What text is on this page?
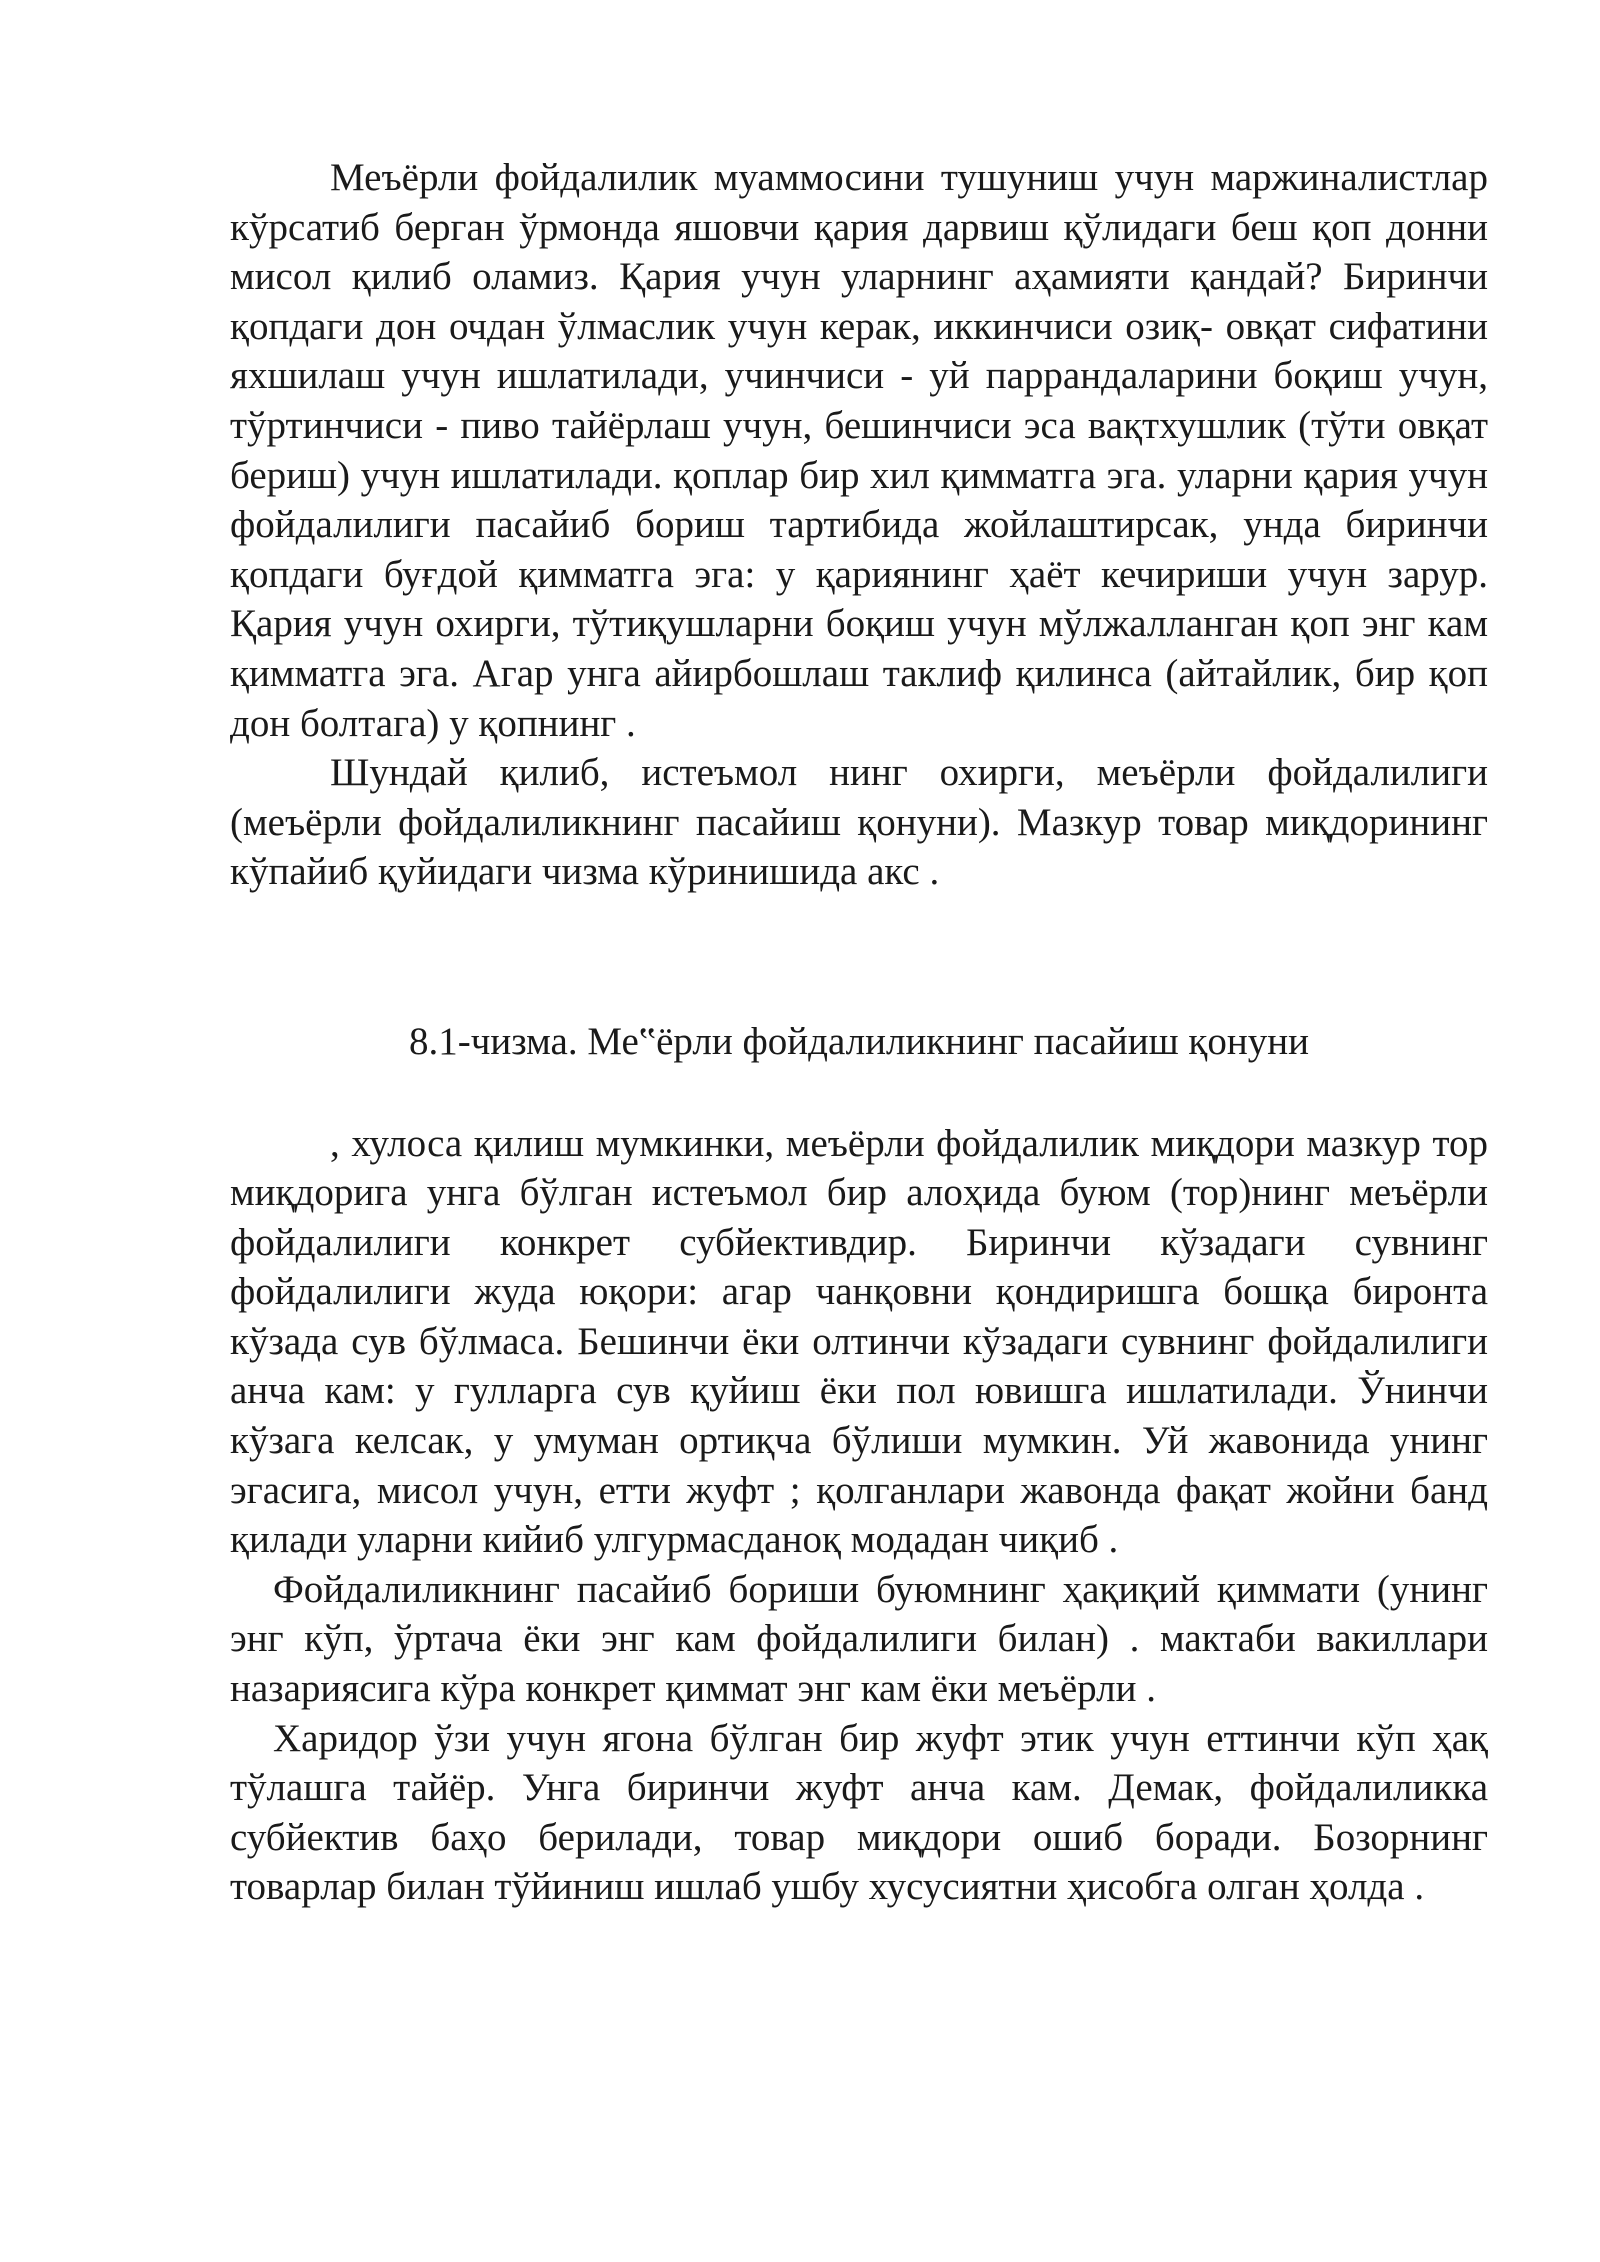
Меъёрли фойдалилик муаммосини тушуниш учун маржиналистлар кўрсатиб берган ўрмонда яшовчи қария дарвиш қўлидаги беш қоп донни мисол қилиб оламиз. Қария учун уларнинг аҳамияти қандай? Биринчи қопдаги дон очдан ўлмаслик учун керак, иккинчиси озиқ- овқат сифатини яхшилаш учун ишлатилади, учинчиси - уй паррандаларини боқиш учун, тўртинчиси - пиво тайёрлаш учун, бешинчиси эса вақтхушлик (тўти овқат бериш) учун ишлатилади. қоплар бир хил қимматга эга. уларни қария учун фойдалилиги пасайиб бориш тартибида жойлаштирсак, унда биринчи қопдаги буғдой қимматга эга: у қариянинг ҳаёт кечириши учун зарур. Қария учун охирги, тўтиқушларни боқиш учун мўлжалланган қоп энг кам қимматга эга. Агар унга айирбошлаш таклиф қилинса (айтайлик, бир қоп дон болтага) у қопнинг .

Шундай қилиб, истеъмол нинг охирги, меъёрли фойдалилиги (меъёрли фойдалиликнинг пасайиш қонуни). Мазкур товар миқдорининг кўпайиб қуйидаги чизма кўринишида акс .

8.1-чизма. Ме‟ёрли фойдалиликнинг пасайиш қонуни

, хулоса қилиш мумкинки, меъёрли фойдалилик миқдори мазкур тор миқдорига унга бўлган истеъмол бир алоҳида буюм (тор)нинг меъёрли фойдалилиги конкрет субйективдир. Биринчи кўзадаги сувнинг фойдалилиги жуда юқори: агар чанқовни қондиришга бошқа биронта кўзада сув бўлмаса. Бешинчи ёки олтинчи кўзадаги сувнинг фойдалилиги анча кам: у гулларга сув қуйиш ёки пол ювишга ишлатилади. Ўнинчи кўзага келсак, у умуман ортиқча бўлиши мумкин. Уй жавонида унинг эгасига, мисол учун, етти жуфт ; қолганлари жавонда фақат жойни банд қилади уларни кийиб улгурмасданоқ модадан чиқиб .

Фойдалиликнинг пасайиб бориши буюмнинг ҳақиқий қиммати (унинг энг кўп, ўртача ёки энг кам фойдалилиги билан) . мактаби вакиллари назариясига кўра конкрет қиммат энг кам ёки меъёрли .

Харидор ўзи учун ягона бўлган бир жуфт этик учун еттинчи кўп ҳақ тўлашга тайёр. Унга биринчи жуфт анча кам. Демак, фойдалиликка субйектив баҳо берилади, товар миқдори ошиб боради. Бозорнинг товарлар билан тўйиниш ишлаб ушбу хусусиятни ҳисобга олган ҳолда .
